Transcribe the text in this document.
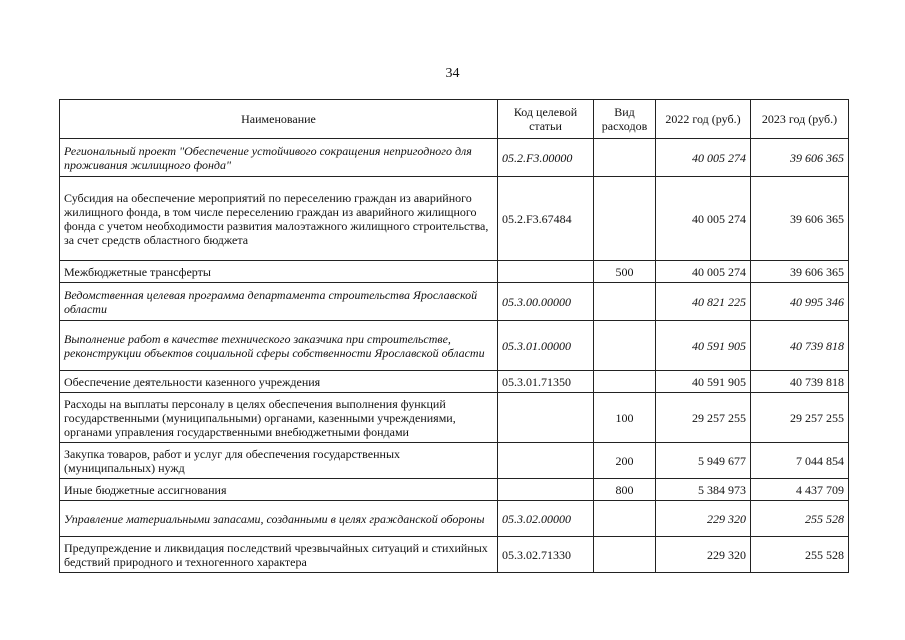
34
Наименование	Код целевой статьи	Вид расходов	2022 год (руб.)	2023 год (руб.)
Региональный проект "Обеспечение устойчивого сокращения непригодного для проживания жилищного фонда"	05.2.F3.00000		40 005 274	39 606 365
Субсидия на обеспечение мероприятий по переселению граждан из аварийного жилищного фонда, в том числе переселению граждан из аварийного жилищного фонда с учетом необходимости развития малоэтажного жилищного строительства, за счет средств областного бюджета	05.2.F3.67484		40 005 274	39 606 365
Межбюджетные трансферты		500	40 005 274	39 606 365
Ведомственная целевая программа департамента строительства Ярославской области	05.3.00.00000		40 821 225	40 995 346
Выполнение работ в качестве технического заказчика при строительстве, реконструкции объектов социальной сферы собственности Ярославской области	05.3.01.00000		40 591 905	40 739 818
Обеспечение деятельности казенного учреждения	05.3.01.71350		40 591 905	40 739 818
Расходы на выплаты персоналу в целях обеспечения выполнения функций государственными (муниципальными) органами, казенными учреждениями, органами управления государственными внебюджетными фондами		100	29 257 255	29 257 255
Закупка товаров, работ и услуг для обеспечения государственных (муниципальных) нужд		200	5 949 677	7 044 854
Иные бюджетные ассигнования		800	5 384 973	4 437 709
Управление материальными запасами, созданными в целях гражданской обороны	05.3.02.00000		229 320	255 528
Предупреждение и ликвидация последствий чрезвычайных ситуаций и стихийных бедствий природного и техногенного характера	05.3.02.71330		229 320	255 528
